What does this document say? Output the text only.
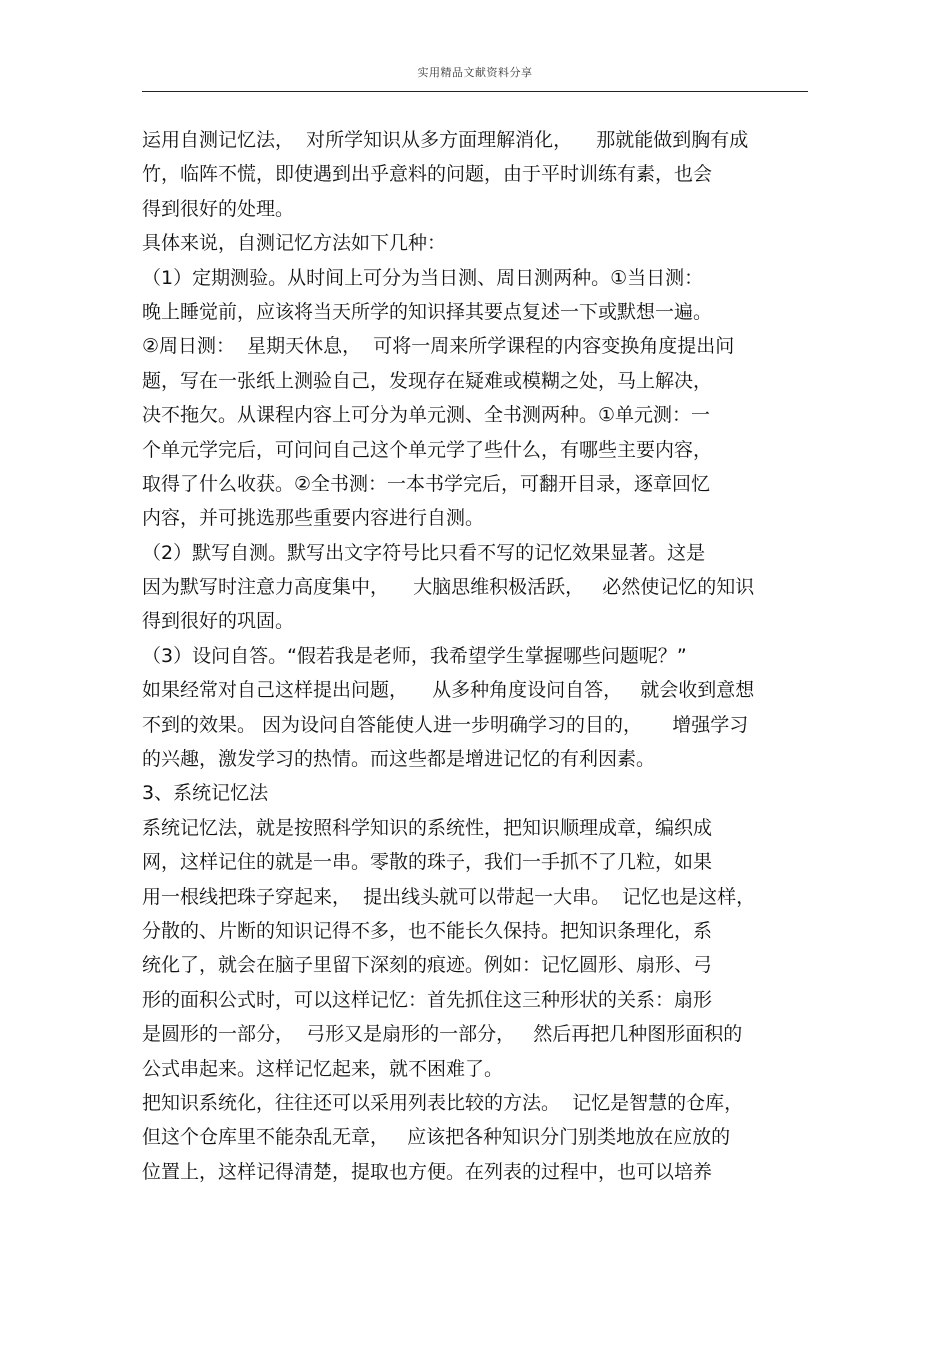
实用精品文献资料分享
运用自测记忆法，  对所学知识从多方面理解消化，    那就能做到胸有成
竹，临阵不慌，即使遇到出乎意料的问题，由于平时训练有素，也会
得到很好的处理。
具体来说，自测记忆方法如下几种：
（1）定期测验。从时间上可分为当日测、周日测两种。①当日测：
晚上睡觉前，应该将当天所学的知识择其要点复述一下或默想一遍。
②周日测：  星期天休息，  可将一周来所学课程的内容变换角度提出问
题，写在一张纸上测验自己，发现存在疑难或模糊之处，马上解决，
决不拖欠。从课程内容上可分为单元测、全书测两种。①单元测：一
个单元学完后，可问问自己这个单元学了些什么，有哪些主要内容，
取得了什么收获。②全书测：一本书学完后，可翻开目录，逐章回忆
内容，并可挑选那些重要内容进行自测。
（2）默写自测。默写出文字符号比只看不写的记忆效果显著。这是
因为默写时注意力高度集中，    大脑思维积极活跃，   必然使记忆的知识
得到很好的巩固。
（3）设问自答。“假若我是老师，我希望学生掌握哪些问题呢？”
如果经常对自己这样提出问题，    从多种角度设问自答，   就会收到意想
不到的效果。 因为设问自答能使人进一步明确学习的目的，     增强学习
的兴趣，激发学习的热情。而这些都是增进记忆的有利因素。
3、系统记忆法
系统记忆法，就是按照科学知识的系统性，把知识顺理成章，编织成
网，这样记住的就是一串。零散的珠子，我们一手抓不了几粒，如果
用一根线把珠子穿起来，  提出线头就可以带起一大串。  记忆也是这样，
分散的、片断的知识记得不多，也不能长久保持。把知识条理化，系
统化了，就会在脑子里留下深刻的痕迹。例如：记忆圆形、扇形、弓
形的面积公式时，可以这样记忆：首先抓住这三种形状的关系：扇形
是圆形的一部分，  弓形又是扇形的一部分，   然后再把几种图形面积的
公式串起来。这样记忆起来，就不困难了。
把知识系统化，往往还可以采用列表比较的方法。  记忆是智慧的仓库，
但这个仓库里不能杂乱无章，   应该把各种知识分门别类地放在应放的
位置上，这样记得清楚，提取也方便。在列表的过程中，也可以培养
